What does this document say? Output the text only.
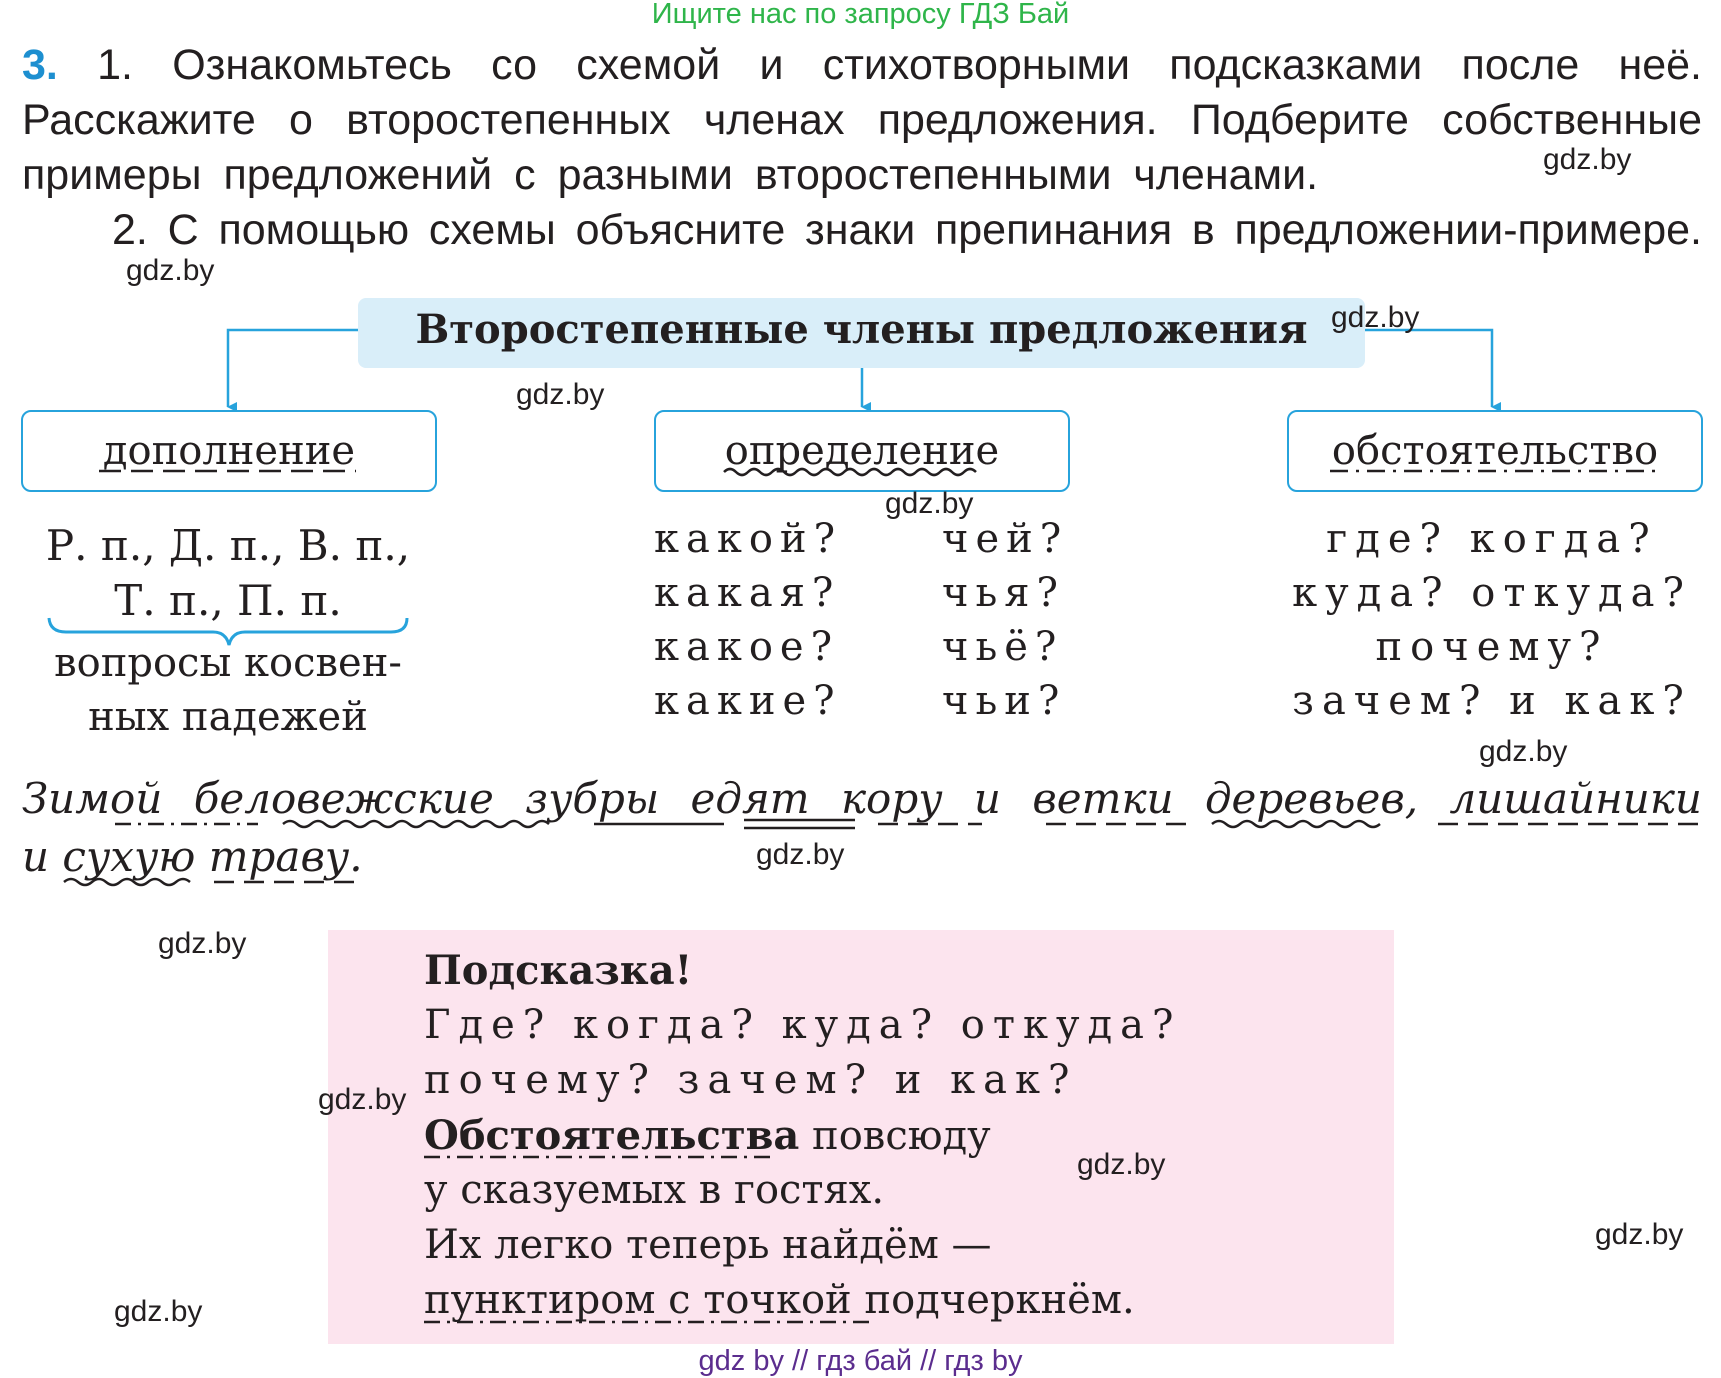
Ищите нас по запросу ГДЗ Бай
3. 1. Ознакомьтесь со схемой и стихотворными подсказками после неё.
Расскажите о второстепенных членах предложения. Подберите собственные
примеры предложений с разными второстепенными членами.
2. С помощью схемы объясните знаки препинания в предложении-примере.
Второстепенные члены предложения
дополнение	определение	обстоятельство
Р. п., Д. п., В. п.,
Т. п., П. п.
вопросы косвен-
ных падежей
какой?
какая?
какое?
какие?
чей?
чья?
чьё?
чьи?
где? когда?
куда? откуда?
почему?
зачем? и как?
Зимой беловежские зубры едят кору и ветки деревьев, лишайники
и сухую траву.
Подсказка!
Где? когда? куда? откуда?
почему? зачем? и как?
Обстоятельства повсюду
у сказуемых в гостях.
Их легко теперь найдём —
пунктиром с точкой подчеркнём.
gdz.by
gdz.by
gdz.by
gdz.by
gdz.by
gdz.by
gdz.by
gdz.by
gdz.by
gdz.by
gdz.by
gdz.by
gdz by // гдз бай // гдз by
